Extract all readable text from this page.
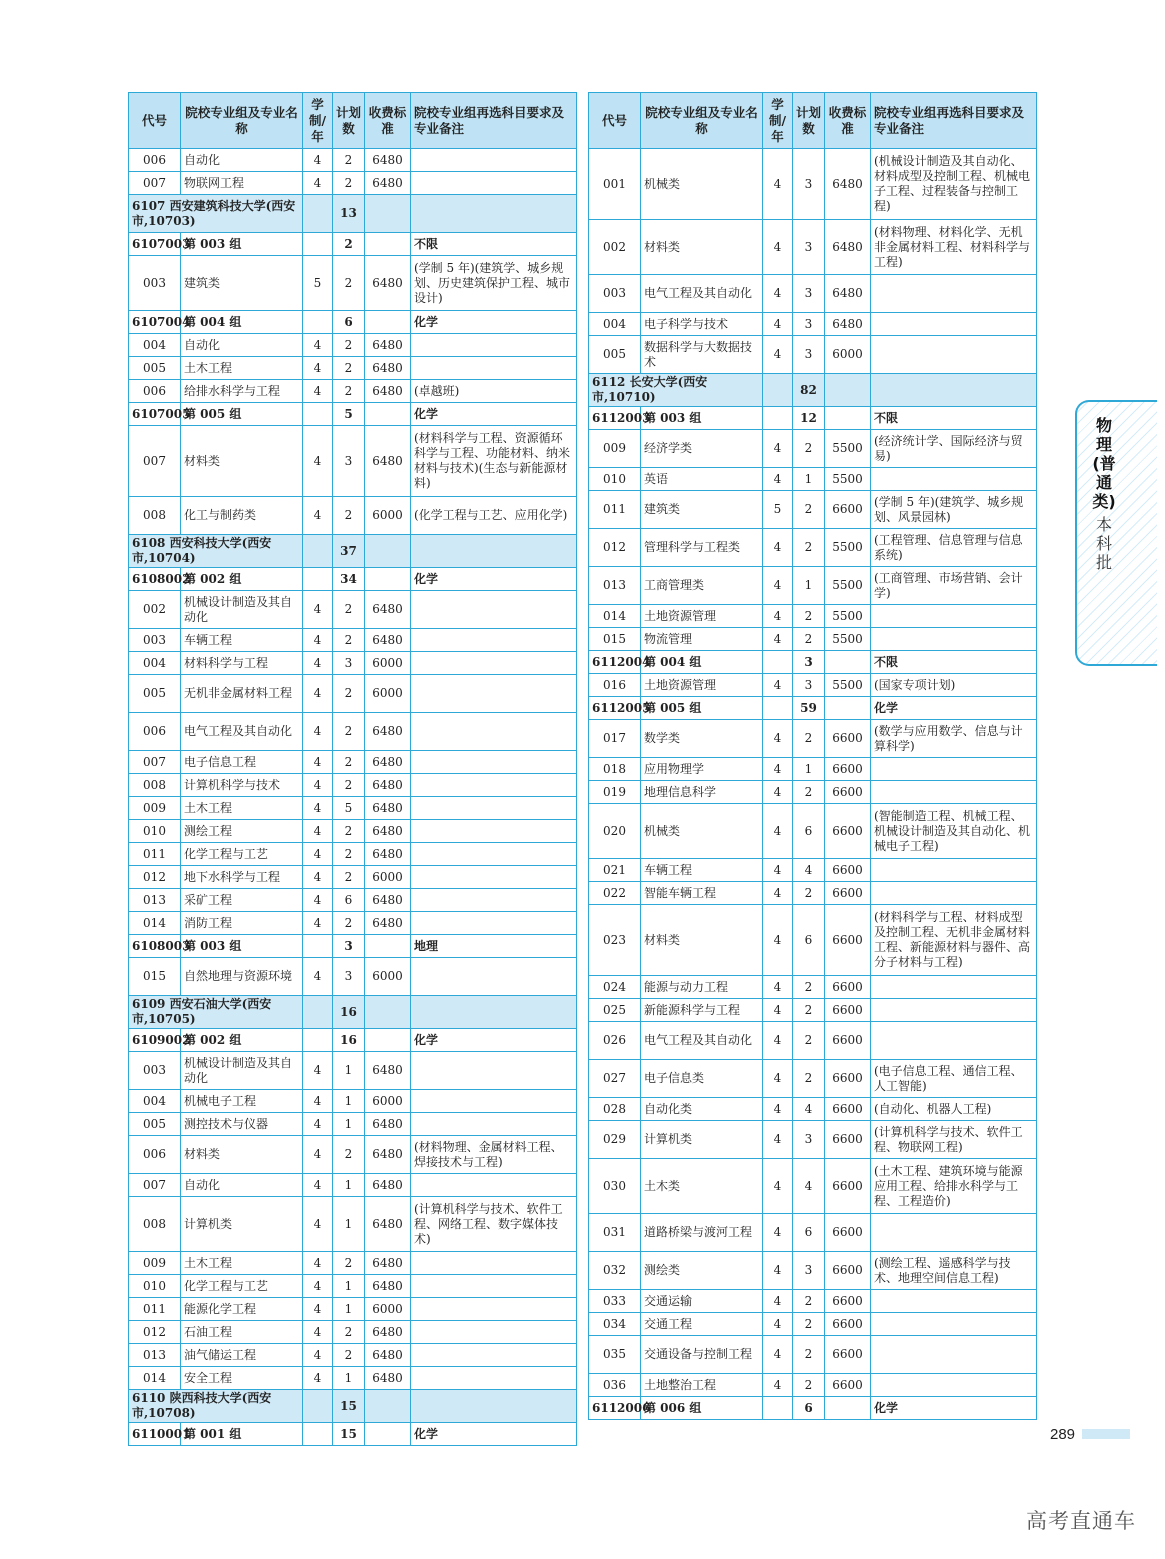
代号	院校专业组及专业名称	学制/年	计划数	收费标准	院校专业组再选科目要求及专业备注
006	自动化	4	2	6480	
007	物联网工程	4	2	6480	
6107 西安建筑科技大学(西安市,10703)			13		
6107003	第 003 组		2		不限
003	建筑类	5	2	6480	(学制 5 年)(建筑学、城乡规划、历史建筑保护工程、城市设计)
6107004	第 004 组		6		化学
004	自动化	4	2	6480	
005	土木工程	4	2	6480	
006	给排水科学与工程	4	2	6480	(卓越班)
6107005	第 005 组		5		化学
007	材料类	4	3	6480	(材料科学与工程、资源循环科学与工程、功能材料、纳米材料与技术)(生态与新能源材料)
008	化工与制药类	4	2	6000	(化学工程与工艺、应用化学)
6108 西安科技大学(西安市,10704)			37		
6108002	第 002 组		34		化学
002	机械设计制造及其自动化	4	2	6480	
003	车辆工程	4	2	6480	
004	材料科学与工程	4	3	6000	
005	无机非金属材料工程	4	2	6000	
006	电气工程及其自动化	4	2	6480	
007	电子信息工程	4	2	6480	
008	计算机科学与技术	4	2	6480	
009	土木工程	4	5	6480	
010	测绘工程	4	2	6480	
011	化学工程与工艺	4	2	6480	
012	地下水科学与工程	4	2	6000	
013	采矿工程	4	6	6480	
014	消防工程	4	2	6480	
6108003	第 003 组		3		地理
015	自然地理与资源环境	4	3	6000	
6109 西安石油大学(西安市,10705)			16		
6109002	第 002 组		16		化学
003	机械设计制造及其自动化	4	1	6480	
004	机械电子工程	4	1	6000	
005	测控技术与仪器	4	1	6480	
006	材料类	4	2	6480	(材料物理、金属材料工程、焊接技术与工程)
007	自动化	4	1	6480	
008	计算机类	4	1	6480	(计算机科学与技术、软件工程、网络工程、数字媒体技术)
009	土木工程	4	2	6480	
010	化学工程与工艺	4	1	6480	
011	能源化学工程	4	1	6000	
012	石油工程	4	2	6480	
013	油气储运工程	4	2	6480	
014	安全工程	4	1	6480	
6110 陕西科技大学(西安市,10708)			15		
6110001	第 001 组		15		化学
代号	院校专业组及专业名称	学制/年	计划数	收费标准	院校专业组再选科目要求及专业备注
001	机械类	4	3	6480	(机械设计制造及其自动化、材料成型及控制工程、机械电子工程、过程装备与控制工程)
002	材料类	4	3	6480	(材料物理、材料化学、无机非金属材料工程、材料科学与工程)
003	电气工程及其自动化	4	3	6480	
004	电子科学与技术	4	3	6480	
005	数据科学与大数据技术	4	3	6000	
6112 长安大学(西安市,10710)			82		
6112003	第 003 组		12		不限
009	经济学类	4	2	5500	(经济统计学、国际经济与贸易)
010	英语	4	1	5500	
011	建筑类	5	2	6600	(学制 5 年)(建筑学、城乡规划、风景园林)
012	管理科学与工程类	4	2	5500	(工程管理、信息管理与信息系统)
013	工商管理类	4	1	5500	(工商管理、市场营销、会计学)
014	土地资源管理	4	2	5500	
015	物流管理	4	2	5500	
6112004	第 004 组		3		不限
016	土地资源管理	4	3	5500	(国家专项计划)
6112005	第 005 组		59		化学
017	数学类	4	2	6600	(数学与应用数学、信息与计算科学)
018	应用物理学	4	1	6600	
019	地理信息科学	4	2	6600	
020	机械类	4	6	6600	(智能制造工程、机械工程、机械设计制造及其自动化、机械电子工程)
021	车辆工程	4	4	6600	
022	智能车辆工程	4	2	6600	
023	材料类	4	6	6600	(材料科学与工程、材料成型及控制工程、无机非金属材料工程、新能源材料与器件、高分子材料与工程)
024	能源与动力工程	4	2	6600	
025	新能源科学与工程	4	2	6600	
026	电气工程及其自动化	4	2	6600	
027	电子信息类	4	2	6600	(电子信息工程、通信工程、人工智能)
028	自动化类	4	4	6600	(自动化、机器人工程)
029	计算机类	4	3	6600	(计算机科学与技术、软件工程、物联网工程)
030	土木类	4	4	6600	(土木工程、建筑环境与能源应用工程、给排水科学与工程、工程造价)
031	道路桥梁与渡河工程	4	6	6600	
032	测绘类	4	3	6600	(测绘工程、遥感科学与技术、地理空间信息工程)
033	交通运输	4	2	6600	
034	交通工程	4	2	6600	
035	交通设备与控制工程	4	2	6600	
036	土地整治工程	4	2	6600	
6112006	第 006 组		6		化学
物理(普通类)
本科批
289
高考直通车
